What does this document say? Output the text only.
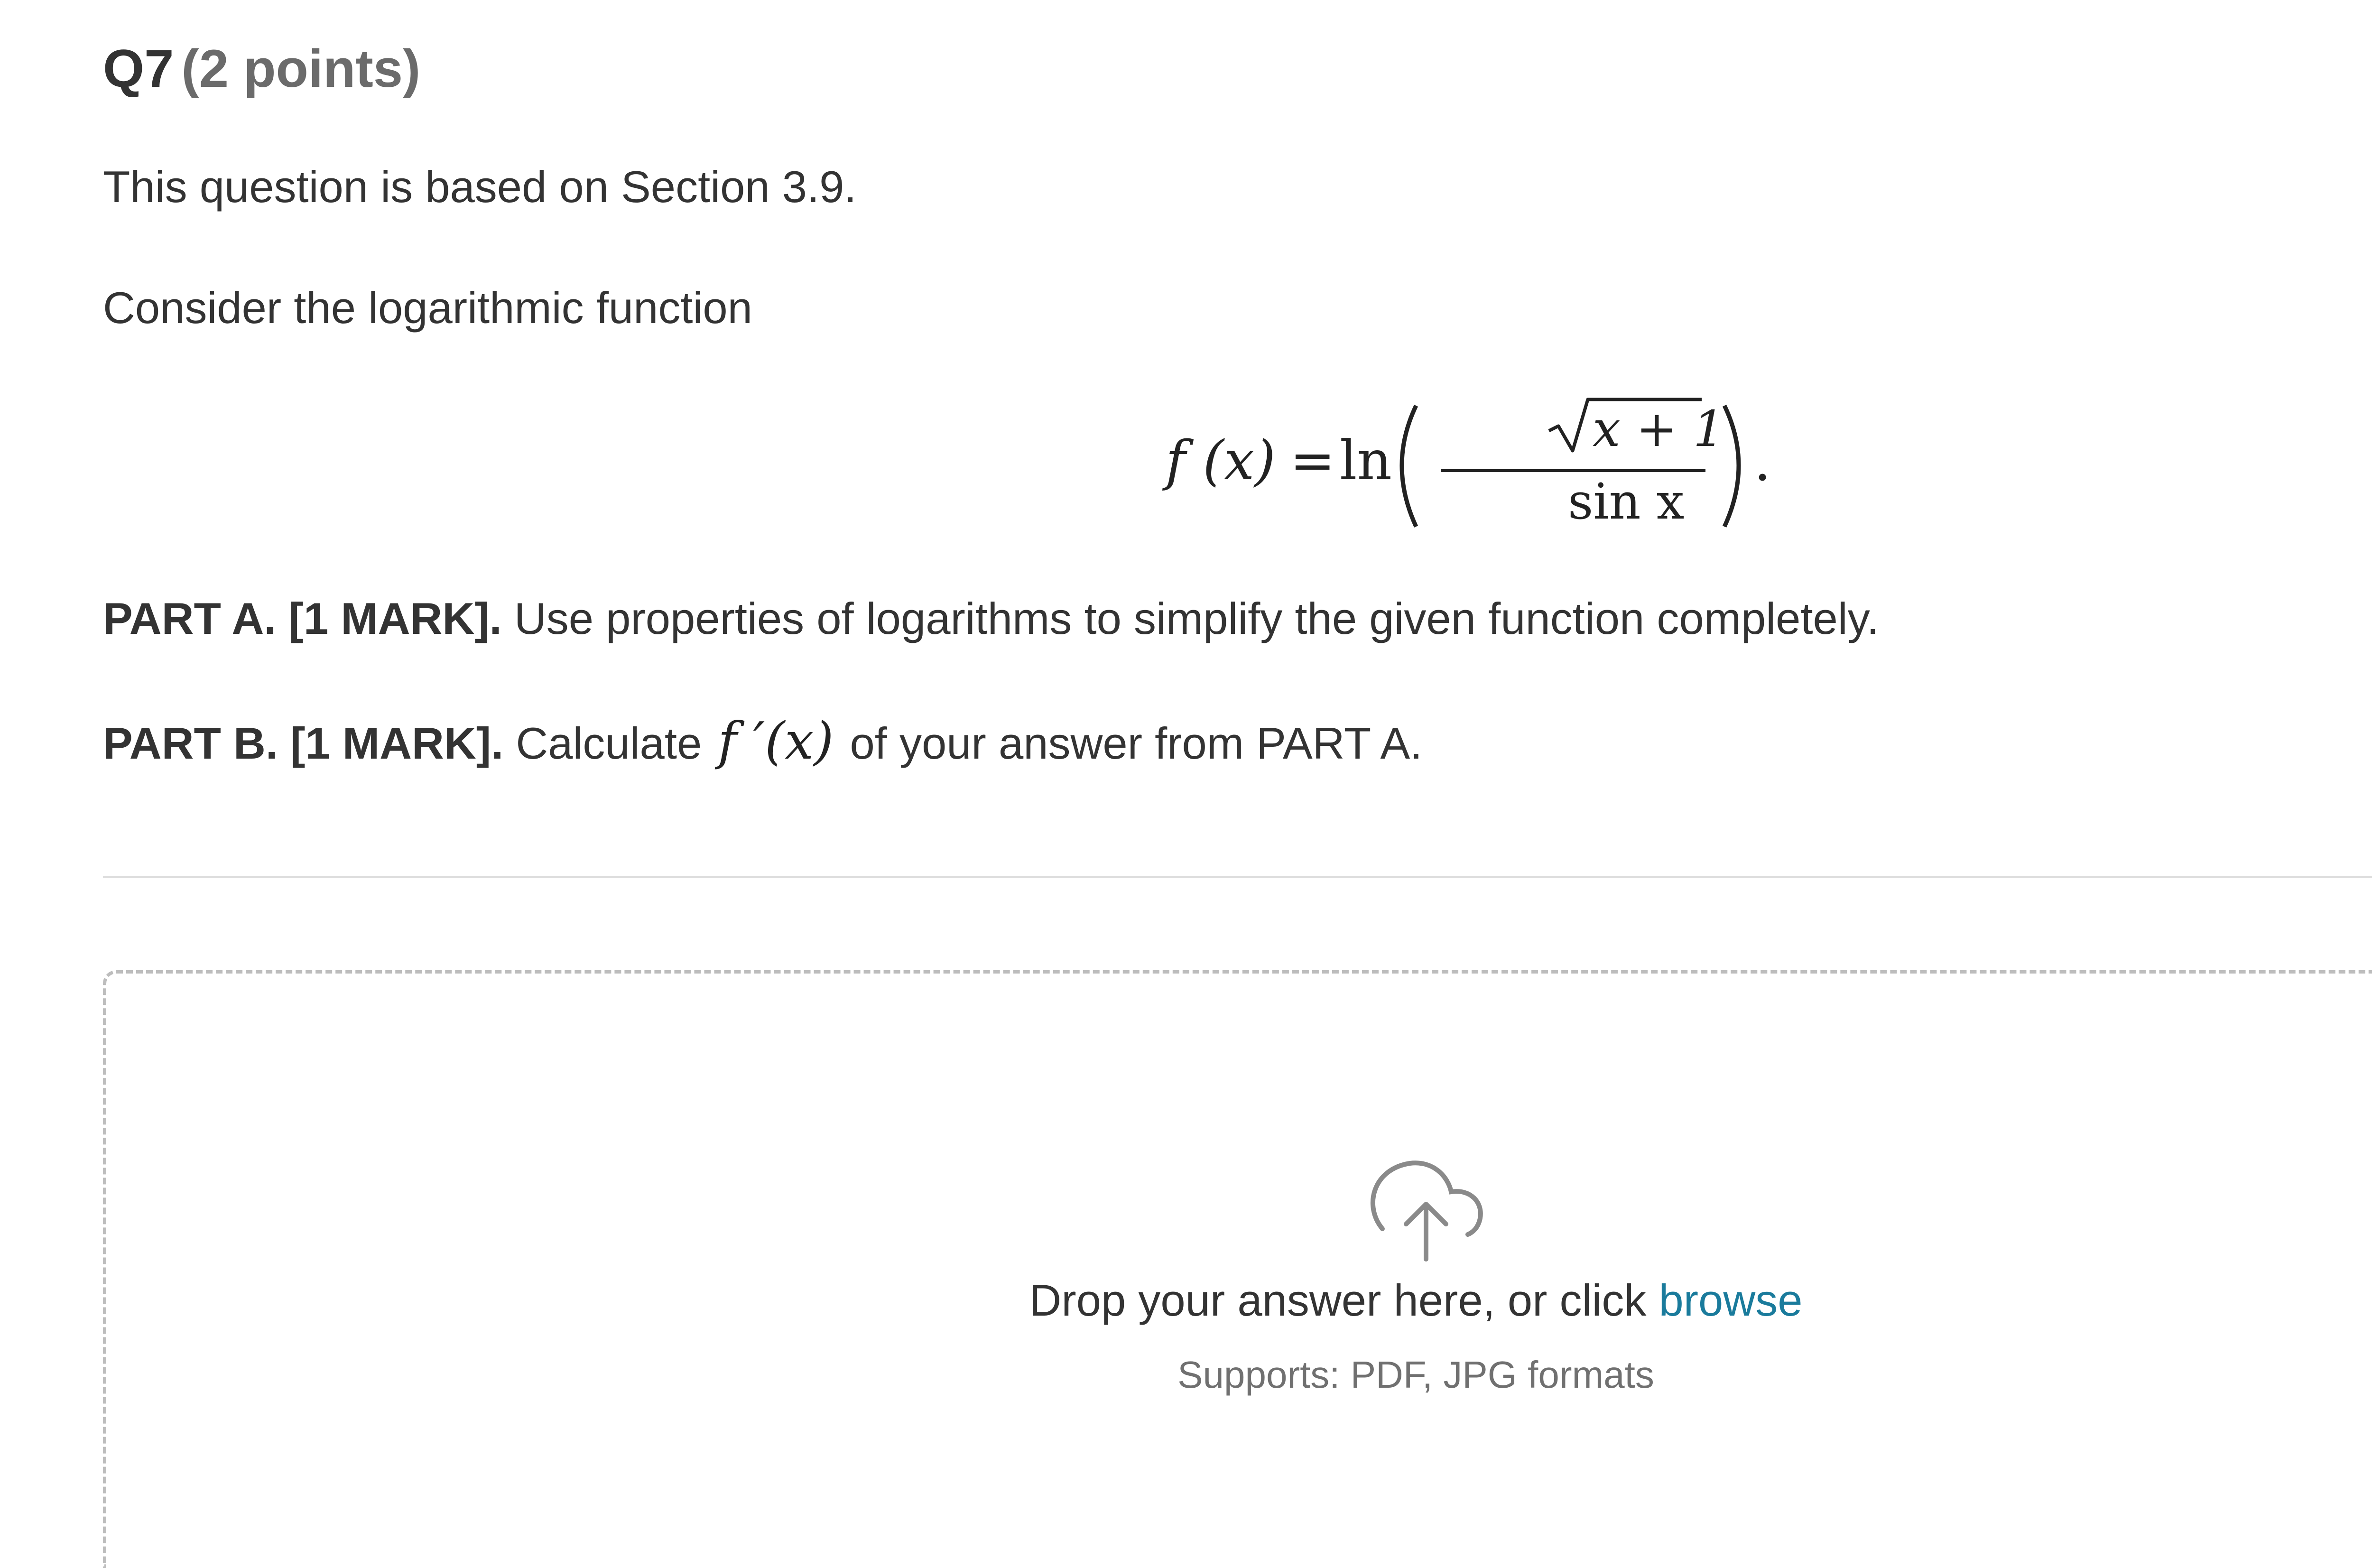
Q7 (2 points)
This question is based on Section 3.9.
Consider the logarithmic function
f (x) = ln	x + 1
sin x
.
PART A. [1 MARK]. Use properties of logarithms to simplify the given function completely.
PART B. [1 MARK]. Calculate f ′(x) of your answer from PART A.
Drop your answer here, or click browse
Supports: PDF, JPG formats
